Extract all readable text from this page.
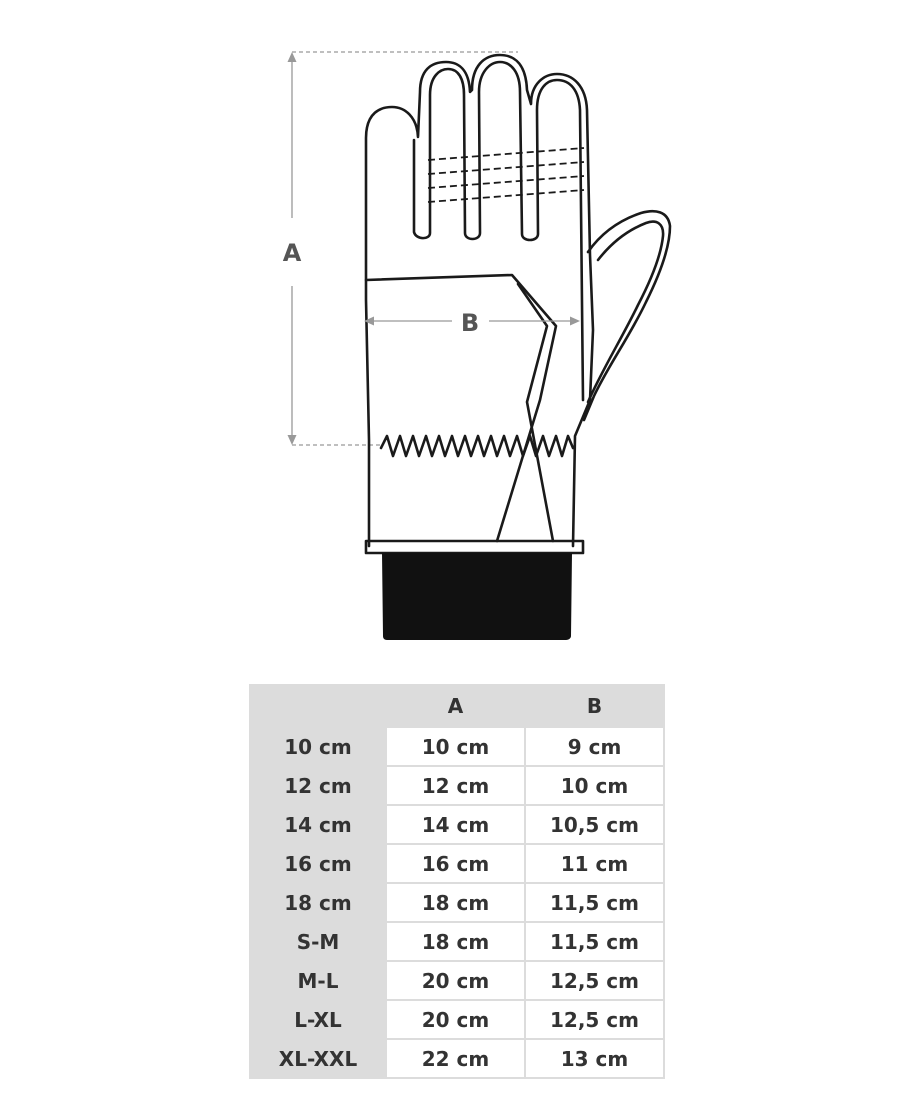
A
B
	A	B
10 cm	10 cm	9 cm
12 cm	12 cm	10 cm
14 cm	14 cm	10,5 cm
16 cm	16 cm	11 cm
18 cm	18 cm	11,5 cm
S-M	18 cm	11,5 cm
M-L	20 cm	12,5 cm
L-XL	20 cm	12,5 cm
XL-XXL	22 cm	13 cm
